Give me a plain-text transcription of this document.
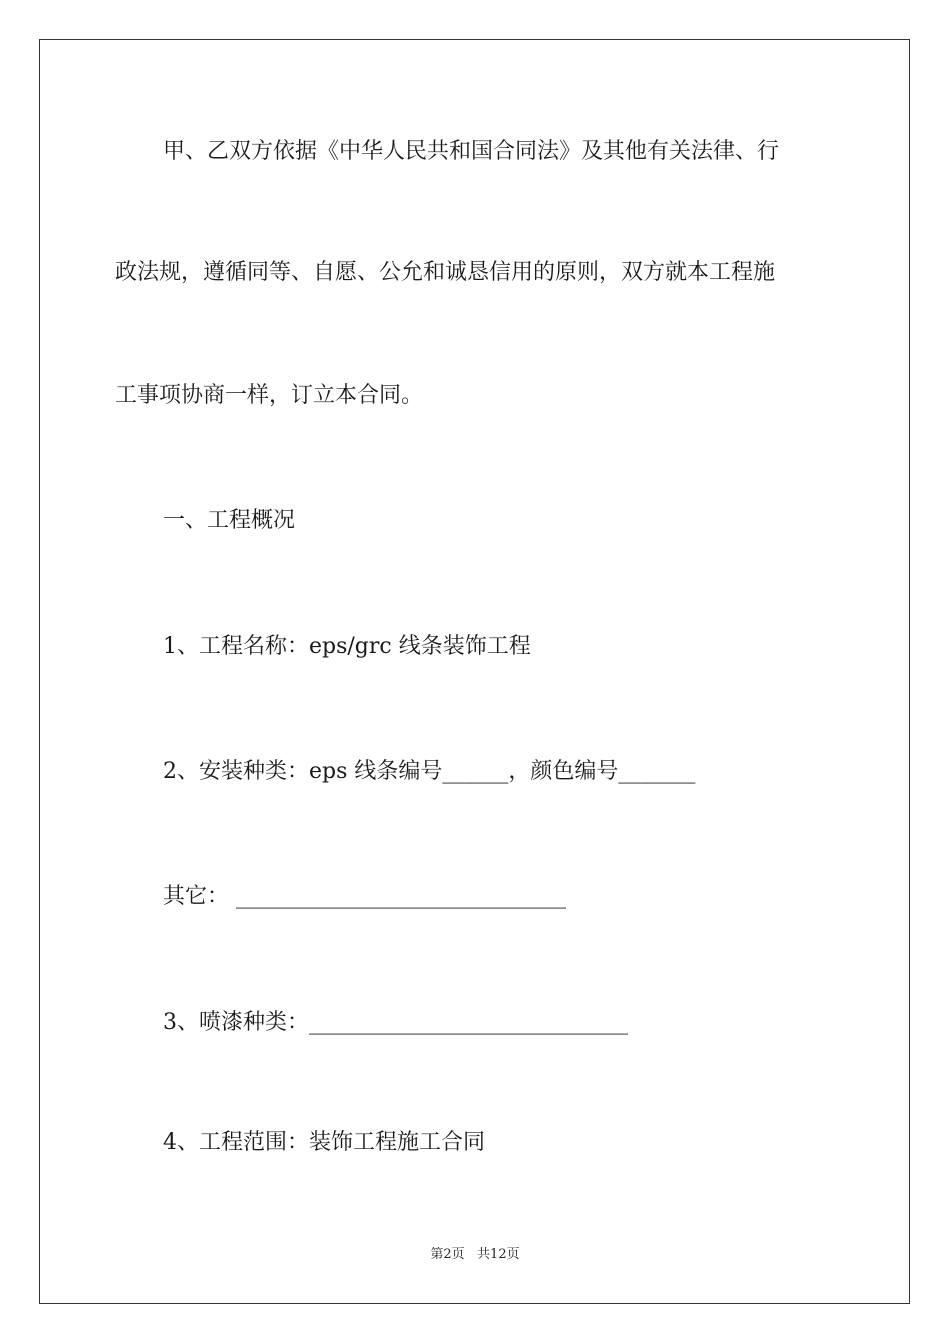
甲、乙双方依据《中华人民共和国合同法》及其他有关法律、行
政法规，遵循同等、自愿、公允和诚恳信用的原则，双方就本工程施
工事项协商一样，订立本合同。
一、工程概况
1、工程名称：eps/grc 线条装饰工程
2、安装种类：eps 线条编号______，颜色编号_______
其它： ______________________________
3、喷漆种类：_____________________________
4、工程范围：装饰工程施工合同
第2页   共12页
